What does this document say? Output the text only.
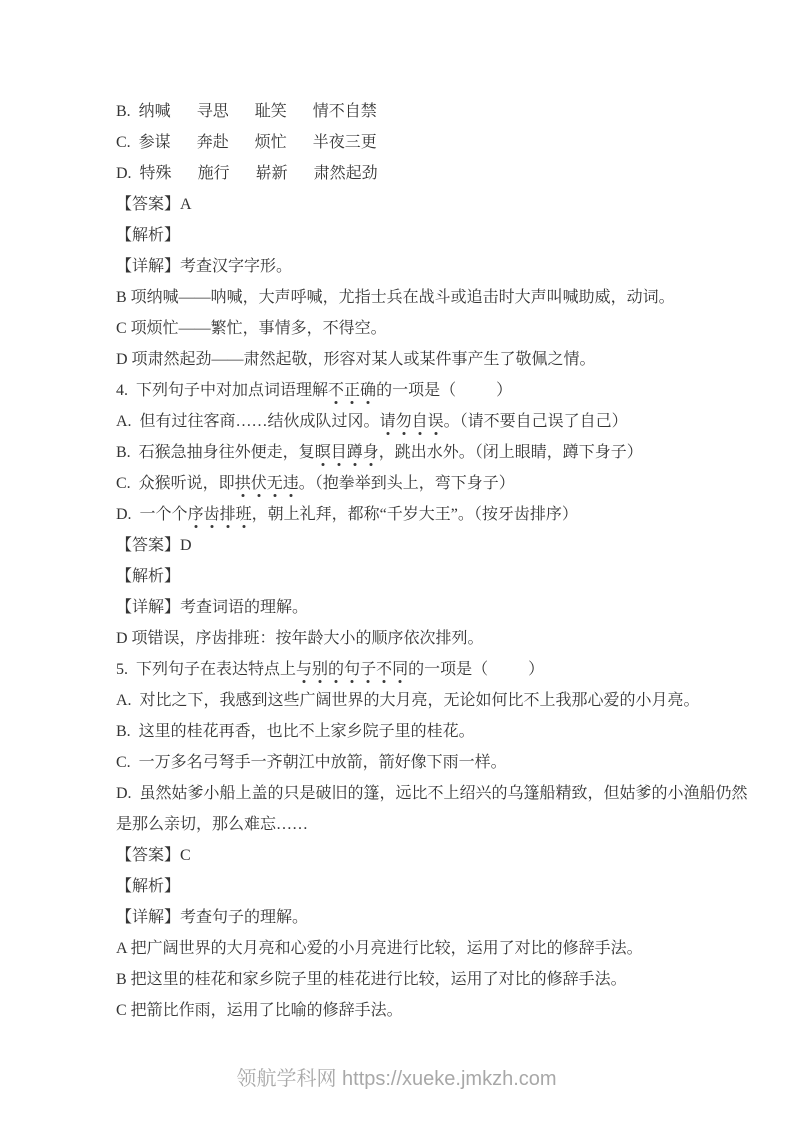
B.  纳喊 寻思 耻笑 情不自禁
C.  参谋 奔赴 烦忙 半夜三更
D.  特殊 施行 崭新 肃然起劲
【答案】A
【解析】
【详解】考查汉字字形。
B 项纳喊——呐喊，大声呼喊，尤指士兵在战斗或追击时大声叫喊助威，动词。
C 项烦忙——繁忙，事情多，不得空。
D 项肃然起劲——肃然起敬，形容对某人或某件事产生了敬佩之情。
4.  下列句子中对加点词语理解不正确的一项是（	）
A.  但有过往客商……结伙成队过冈。请勿自误。（请不要自己误了自己）
B.  石猴急抽身往外便走，复瞑目蹲身，跳出水外。（闭上眼睛，蹲下身子）
C.  众猴听说，即拱伏无违。（抱拳举到头上，弯下身子）
D.  一个个序齿排班，朝上礼拜，都称“千岁大王”。（按牙齿排序）
【答案】D
【解析】
【详解】考查词语的理解。
D 项错误，序齿排班：按年龄大小的顺序依次排列。
5.  下列句子在表达特点上与别的句子不同的一项是（	）
A.  对比之下，我感到这些广阔世界的大月亮，无论如何比不上我那心爱的小月亮。
B.  这里的桂花再香，也比不上家乡院子里的桂花。
C.  一万多名弓弩手一齐朝江中放箭，箭好像下雨一样。
D.  虽然姑爹小船上盖的只是破旧的篷，远比不上绍兴的乌篷船精致，但姑爹的小渔船仍然
是那么亲切，那么难忘……
【答案】C
【解析】
【详解】考查句子的理解。
A 把广阔世界的大月亮和心爱的小月亮进行比较，运用了对比的修辞手法。
B 把这里的桂花和家乡院子里的桂花进行比较，运用了对比的修辞手法。
C 把箭比作雨，运用了比喻的修辞手法。
领航学科网 https://xueke.jmkzh.com
